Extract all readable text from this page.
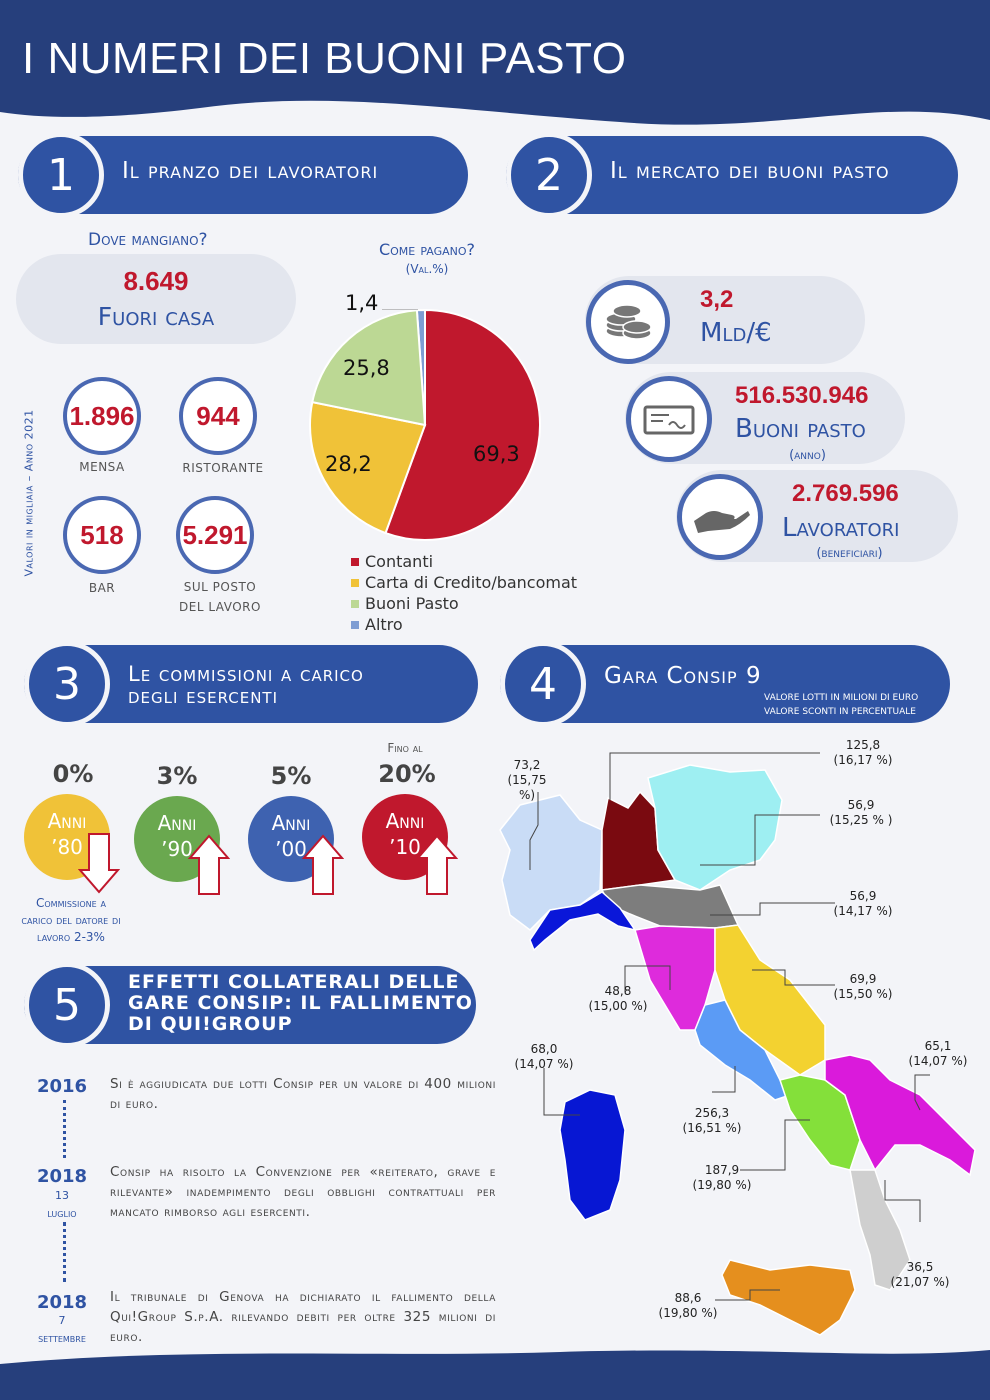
I NUMERI DEI BUONI PASTO
1	Il pranzo dei lavoratori	2	Il mercato dei buoni pasto
Dove mangiano?
8.649
Fuori casa
Valori in migliaia – Anno 2021 1.896
MENSA
944
RISTORANTE
518
BAR
5.291
SUL POSTO
DEL LAVORO
Come pagano?
(Val.%)
1,4
25,8
28,2	69,3
Contanti
Carta di Credito/bancomat
Buoni Pasto
Altro
3,2
Mld/€
516.530.946
Buoni pasto
(anno)
2.769.596
Lavoratori
(beneficiari)
3	Le commissioni a carico
degli esercenti	4	Gara Consip 9
VALORE LOTTI IN MILIONI DI EURO
VALORE SCONTI IN PERCENTUALE
Fino al
0%
Anni
’80
3%
Anni
’90
5%
Anni
’00
20%
Anni
’10
Commissione a
carico del datore di
lavoro 2-3%
5	EFFETTI COLLATERALI DELLE
GARE CONSIP: IL FALLIMENTO
DI QUI!GROUP
2016	Si è aggiudicata due lotti Consip per un valore di 400 milioni di euro.
2018
13
luglio
Consip ha risolto la Convenzione per «reiterato, grave e rilevante» inadempimento degli obblighi contrattuali per mancato rimborso agli esercenti.
2018
7
settembre
Il tribunale di Genova ha dichiarato il fallimento della Qui!Group S.p.A. rilevando debiti per oltre 325 milioni di euro.
73,2
(15,75 %)
125,8
(16,17 %)
56,9
(15,25 % )
56,9
(14,17 %)
69,9
(15,50 %)
48,8
(15,00 %)
68,0
(14,07 %)
65,1
(14,07 %)
256,3
(16,51 %)
187,9
(19,80 %)
36,5
(21,07 %)
88,6
(19,80 %)
